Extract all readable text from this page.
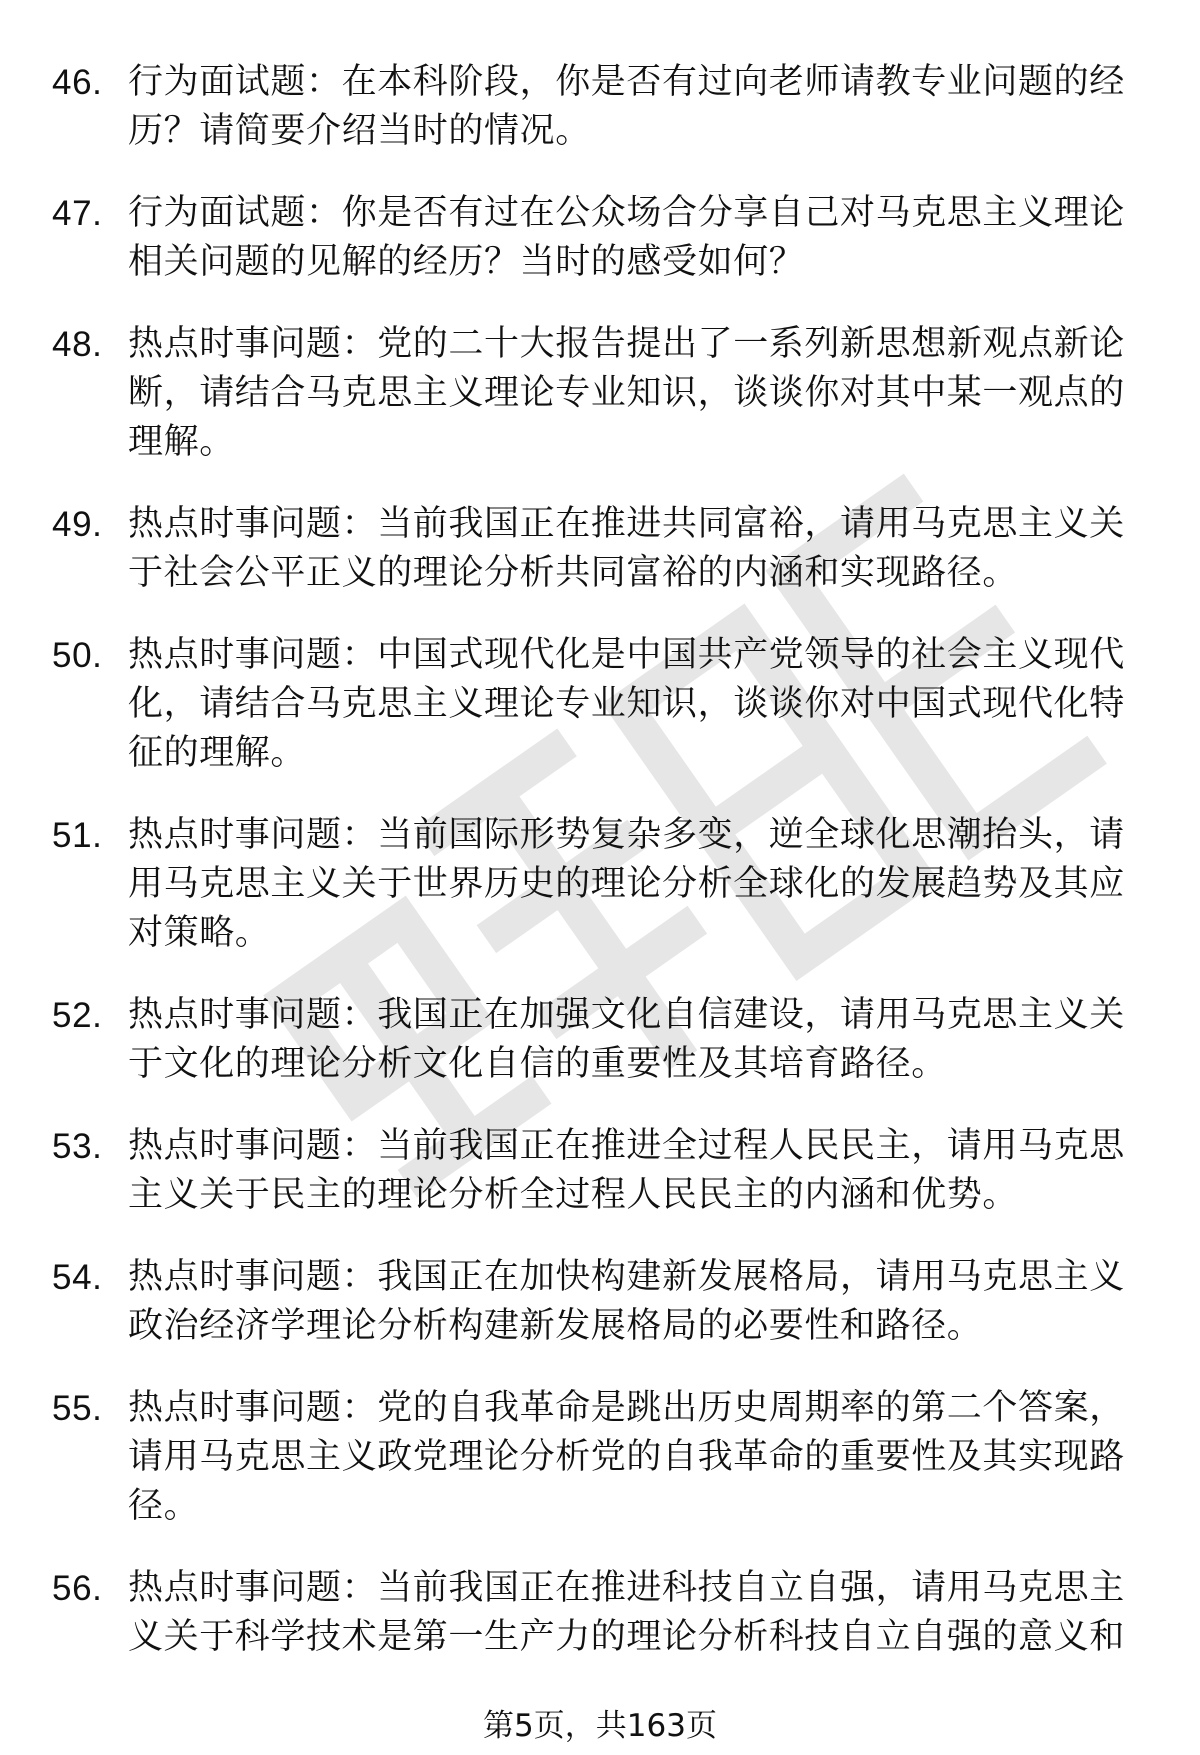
46. 行为面试题：在本科阶段，你是否有过向老师请教专业问题的经历？请简要介绍当时的情况。
47. 行为面试题：你是否有过在公众场合分享自己对马克思主义理论相关问题的见解的经历？当时的感受如何？
48. 热点时事问题：党的二十大报告提出了一系列新思想新观点新论断，请结合马克思主义理论专业知识，谈谈你对其中某一观点的理解。
49. 热点时事问题：当前我国正在推进共同富裕，请用马克思主义关于社会公平正义的理论分析共同富裕的内涵和实现路径。
50. 热点时事问题：中国式现代化是中国共产党领导的社会主义现代化，请结合马克思主义理论专业知识，谈谈你对中国式现代化特征的理解。
51. 热点时事问题：当前国际形势复杂多变，逆全球化思潮抬头，请用马克思主义关于世界历史的理论分析全球化的发展趋势及其应对策略。
52. 热点时事问题：我国正在加强文化自信建设，请用马克思主义关于文化的理论分析文化自信的重要性及其培育路径。
53. 热点时事问题：当前我国正在推进全过程人民民主，请用马克思主义关于民主的理论分析全过程人民民主的内涵和优势。
54. 热点时事问题：我国正在加快构建新发展格局，请用马克思主义政治经济学理论分析构建新发展格局的必要性和路径。
55. 热点时事问题：党的自我革命是跳出历史周期率的第二个答案，请用马克思主义政党理论分析党的自我革命的重要性及其实现路径。
56. 热点时事问题：当前我国正在推进科技自立自强，请用马克思主义关于科学技术是第一生产力的理论分析科技自立自强的意义和
第5页，共163页
